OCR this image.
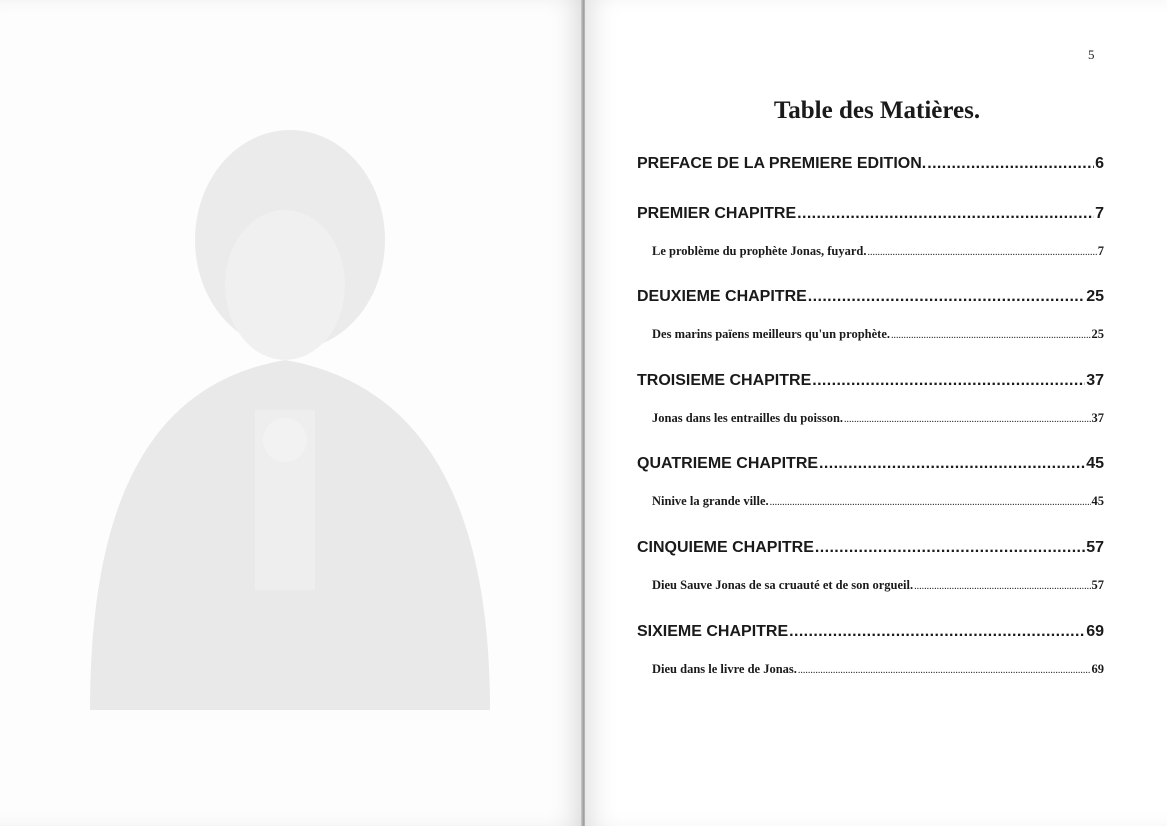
5
Table des Matières.
PREFACE DE LA PREMIERE EDITION. .....	6
PREMIER CHAPITRE .....	7
Le problème du prophète Jonas, fuyard. .....	7
DEUXIEME CHAPITRE .....	25
Des marins païens meilleurs qu'un prophète. .....	25
TROISIEME CHAPITRE .....	37
Jonas dans les entrailles du poisson. .....	37
QUATRIEME CHAPITRE .....	45
Ninive la grande ville. .....	45
CINQUIEME CHAPITRE .....	57
Dieu Sauve Jonas de sa cruauté et de son orgueil. .....	57
SIXIEME CHAPITRE .....	69
Dieu dans le livre de Jonas. .....	69
